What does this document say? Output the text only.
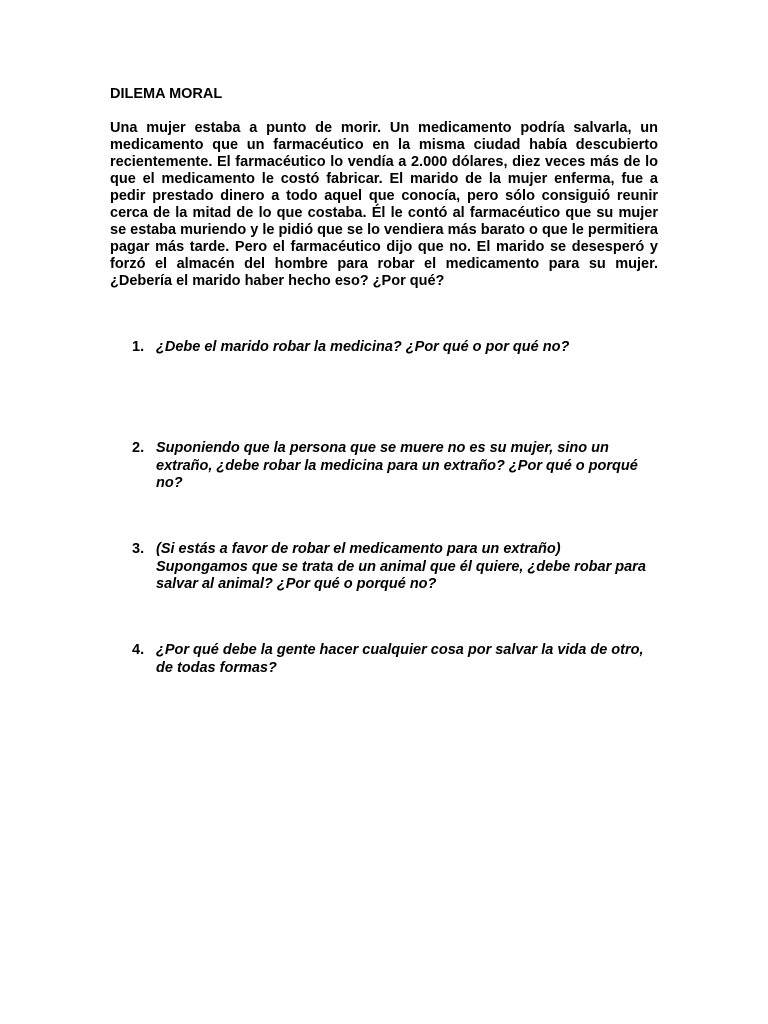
DILEMA MORAL

Una mujer estaba a punto de morir. Un medicamento podría salvarla, un medicamento que un farmacéutico en la misma ciudad había descubierto recientemente. El farmacéutico lo vendía a 2.000 dólares, diez veces más de lo que el medicamento le costó fabricar. El marido de la mujer enferma, fue a pedir prestado dinero a todo aquel que conocía, pero sólo consiguió reunir cerca de la mitad de lo que costaba. Él le contó al farmacéutico que su mujer se estaba muriendo y le pidió que se lo vendiera más barato o que le permitiera pagar más tarde. Pero el farmacéutico dijo que no. El marido se desesperó y forzó el almacén del hombre para robar el medicamento para su mujer. ¿Debería el marido haber hecho eso? ¿Por qué?

1. ¿Debe el marido robar la medicina? ¿Por qué o por qué no?
2. Suponiendo que la persona que se muere no es su mujer, sino un extraño, ¿debe robar la medicina para un extraño? ¿Por qué o porqué no?
3. (Si estás a favor de robar el medicamento para un extraño) Supongamos que se trata de un animal que él quiere, ¿debe robar para salvar al animal? ¿Por qué o porqué no?
4. ¿Por qué debe la gente hacer cualquier cosa por salvar la vida de otro, de todas formas?
